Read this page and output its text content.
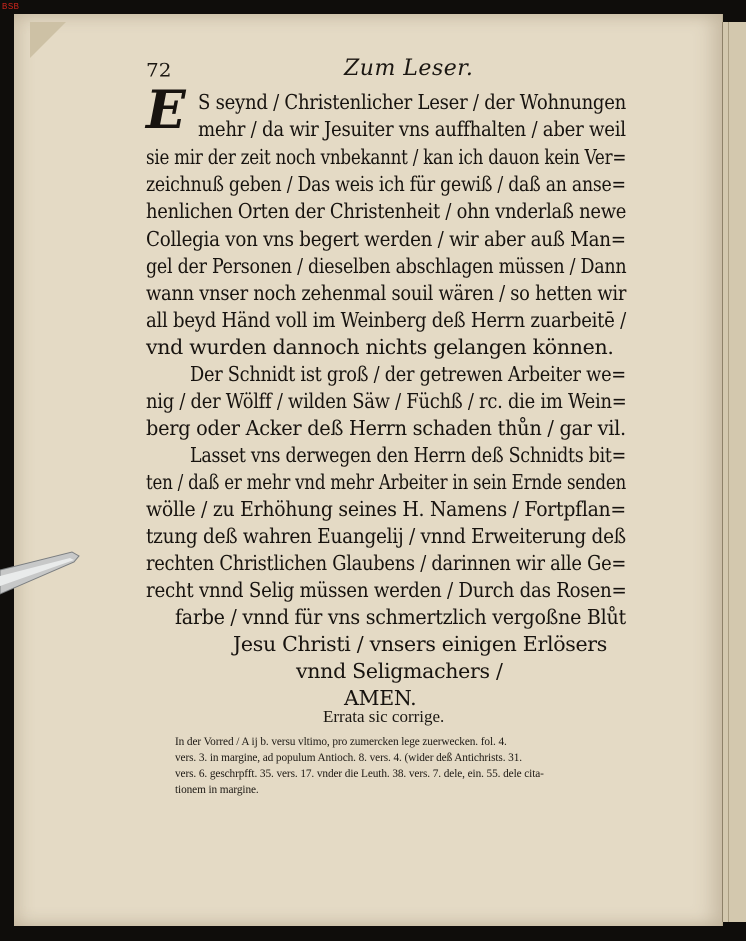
BSB
72	Zum Leser.
E S seynd / Christenlicher Leser / der Wohnungen
mehr / da wir Jesuiter vns auffhalten / aber weil
sie mir der zeit noch vnbekannt / kan ich dauon kein Ver=
zeichnuß geben / Das weis ich für gewiß / daß an anse=
henlichen Orten der Christenheit / ohn vnderlaß newe
Collegia von vns begert werden / wir aber auß Man=
gel der Personen / dieselben abschlagen müssen / Dann
wann vnser noch zehenmal souil wären / so hetten wir
all beyd Händ voll im Weinberg deß Herrn zuarbeitē /
vnd wurden dannoch nichts gelangen können.
Der Schnidt ist groß / der getrewen Arbeiter we=
nig / der Wölff / wilden Säw / Füchß / rc. die im Wein=
berg oder Acker deß Herrn schaden thůn / gar vil.
Lasset vns derwegen den Herrn deß Schnidts bit=
ten / daß er mehr vnd mehr Arbeiter in sein Ernde senden
wölle / zu Erhöhung seines H. Namens / Fortpflan=
tzung deß wahren Euangelij / vnnd Erweiterung deß
rechten Christlichen Glaubens / darinnen wir alle Ge=
recht vnnd Selig müssen werden / Durch das Rosen=
farbe / vnnd für vns schmertzlich vergoßne Blůt
Jesu Christi / vnsers einigen Erlösers
vnnd Seligmachers /
AMEN.
Errata sic corrige.
In der Vorred / A ij b. versu vltimo, pro zumercken lege zuerwecken. fol. 4.
vers. 3. in margine, ad populum Antioch. 8. vers. 4. (wider deß Antichrists. 31.
vers. 6. geschrpfft. 35. vers. 17. vnder die Leuth. 38. vers. 7. dele, ein. 55. dele cita-
tionem in margine.
